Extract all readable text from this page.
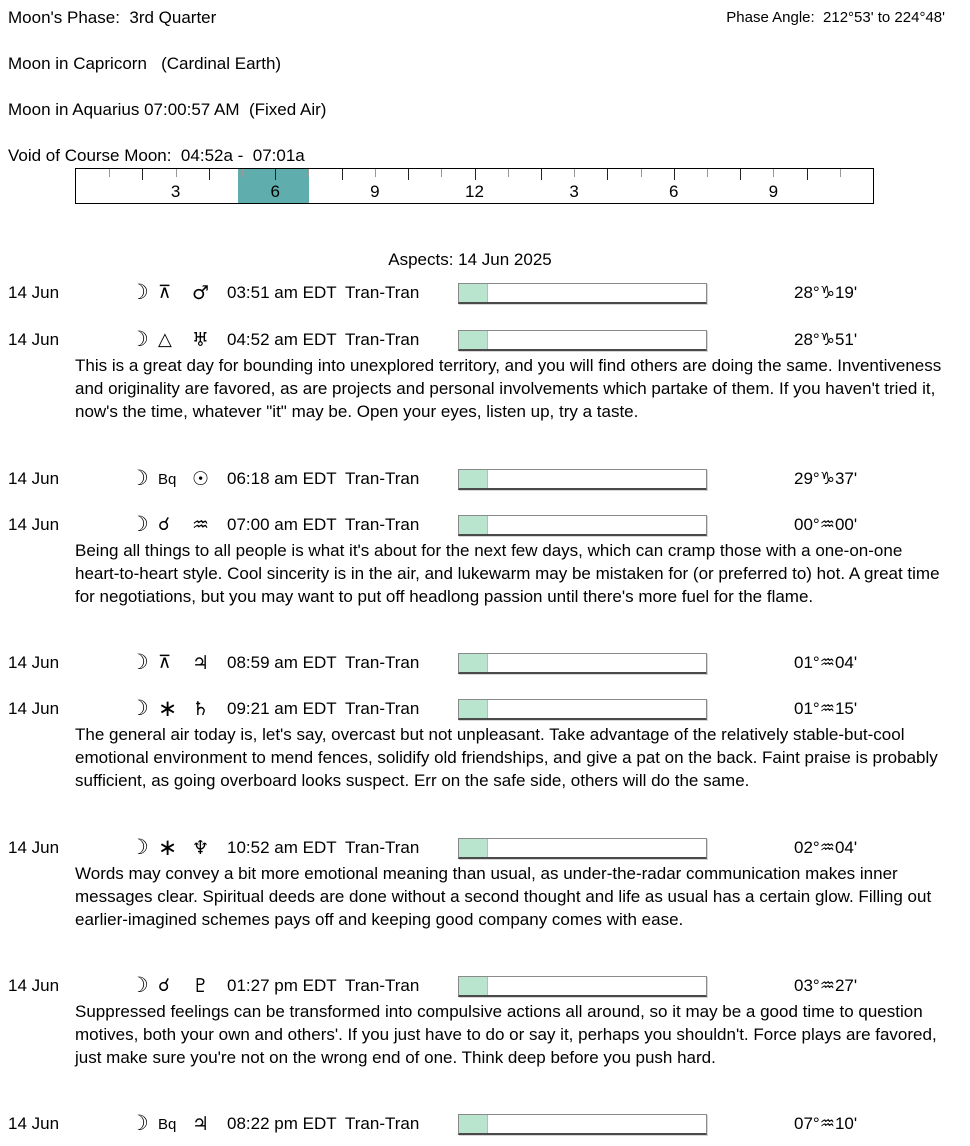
Moon's Phase:  3rd Quarter	Phase Angle:  212°53' to 224°48'
Moon in Capricorn   (Cardinal Earth)
Moon in Aquarius 07:00:57 AM  (Fixed Air)
Void of Course Moon:  04:52a -  07:01a
3	6	9	12	3	6	9
Aspects: 14 Jun 2025
14 Jun	☽ ⊼ ♂ 03:51 am EDT Tran-Tran	28°♑19'
14 Jun	☽ △ ♅ 04:52 am EDT Tran-Tran	28°♑51'
This is a great day for bounding into unexplored territory, and you will find others are doing the same. Inventiveness and originality are favored, as are projects and personal involvements which partake of them. If you haven't tried it, now's the time, whatever "it" may be. Open your eyes, listen up, try a taste.
14 Jun	☽ Bq ☉ 06:18 am EDT Tran-Tran	29°♑37'
14 Jun	☽ ☌ ♒ 07:00 am EDT Tran-Tran	00°♒00'
Being all things to all people is what it's about for the next few days, which can cramp those with a one-on-one heart-to-heart style. Cool sincerity is in the air, and lukewarm may be mistaken for (or preferred to) hot. A great time for negotiations, but you may want to put off headlong passion until there's more fuel for the flame.
14 Jun	☽ ⊼ ♃ 08:59 am EDT Tran-Tran	01°♒04'
14 Jun	☽ ∗ ♄ 09:21 am EDT Tran-Tran	01°♒15'
The general air today is, let's say, overcast but not unpleasant. Take advantage of the relatively stable-but-cool emotional environment to mend fences, solidify old friendships, and give a pat on the back. Faint praise is probably sufficient, as going overboard looks suspect. Err on the safe side, others will do the same.
14 Jun	☽ ∗ ♆ 10:52 am EDT Tran-Tran	02°♒04'
Words may convey a bit more emotional meaning than usual, as under-the-radar communication makes inner messages clear. Spiritual deeds are done without a second thought and life as usual has a certain glow. Filling out earlier-imagined schemes pays off and keeping good company comes with ease.
14 Jun	☽ ☌ ♇ 01:27 pm EDT Tran-Tran	03°♒27'
Suppressed feelings can be transformed into compulsive actions all around, so it may be a good time to question motives, both your own and others'. If you just have to do or say it, perhaps you shouldn't. Force plays are favored, just make sure you're not on the wrong end of one. Think deep before you push hard.
14 Jun	☽ Bq ♃ 08:22 pm EDT Tran-Tran	07°♒10'
